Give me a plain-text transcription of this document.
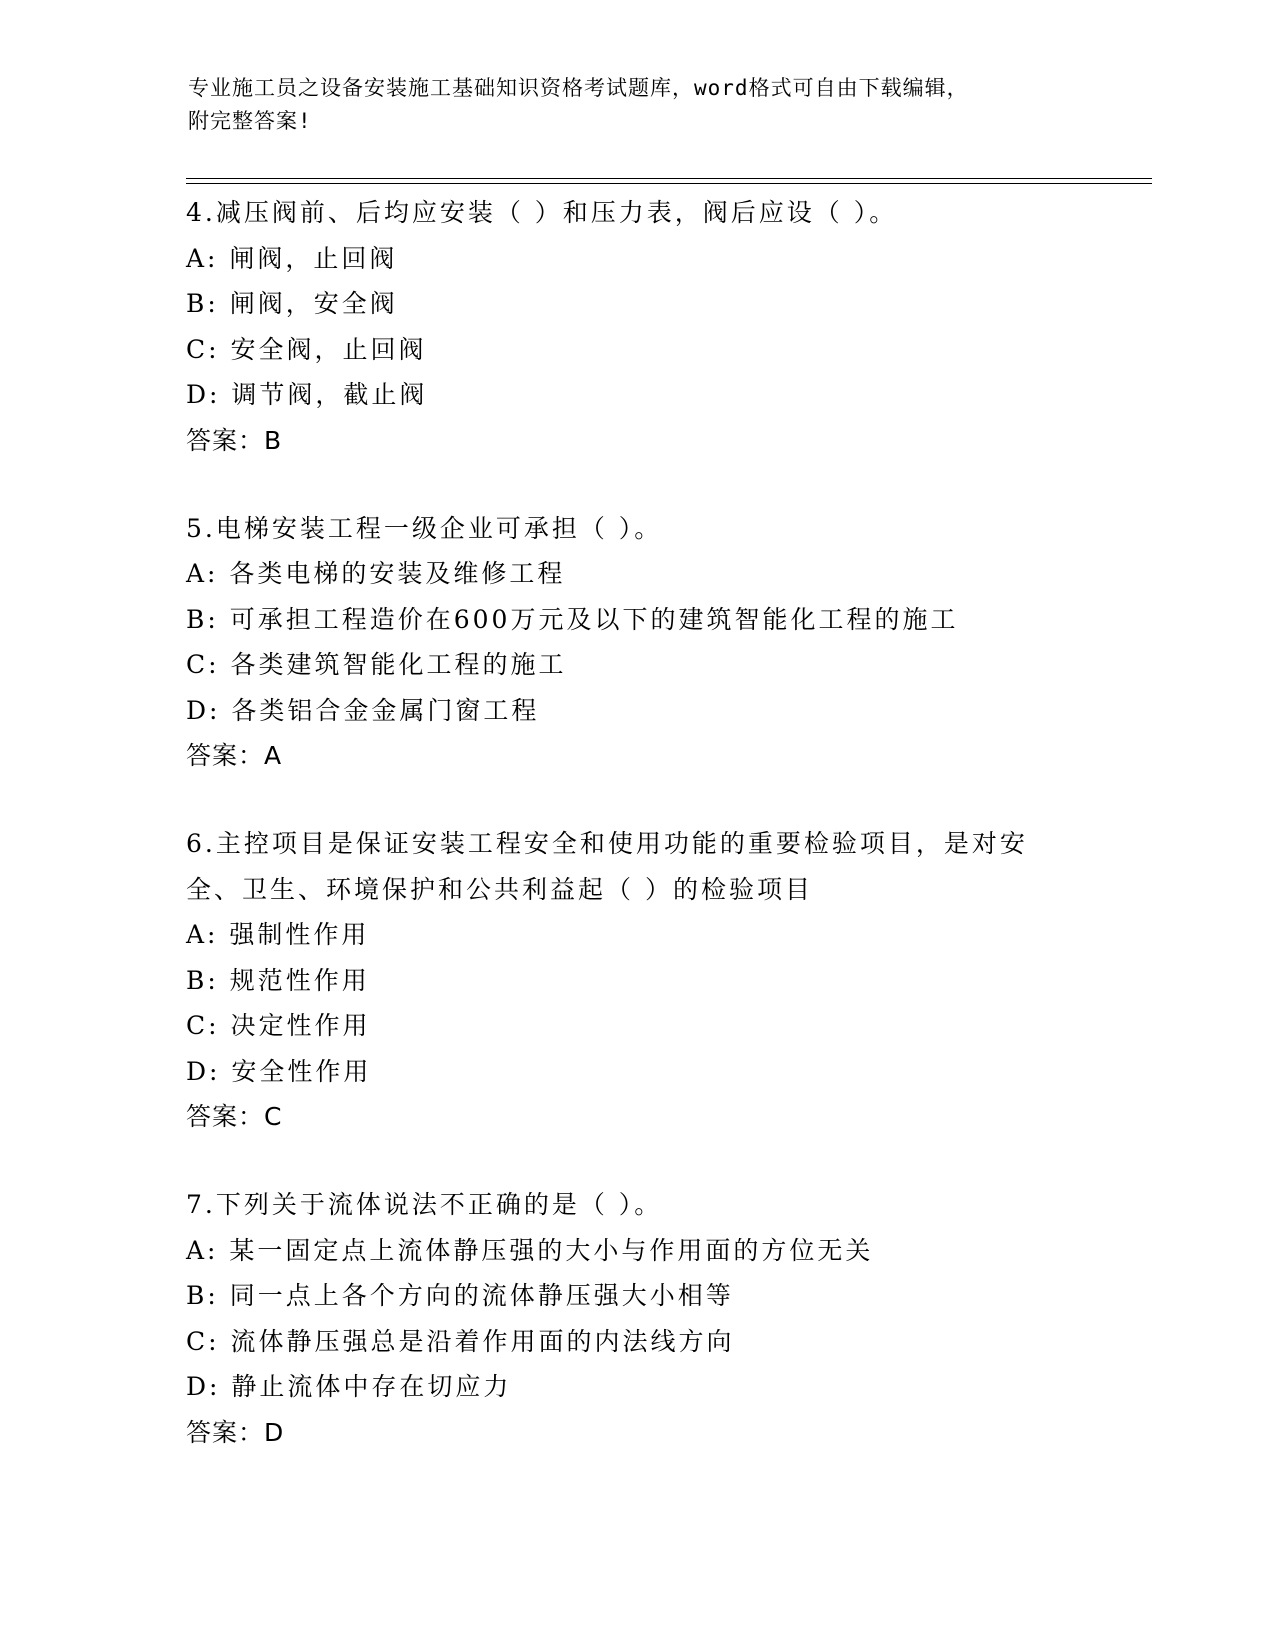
专业施工员之设备安装施工基础知识资格考试题库，word格式可自由下载编辑，
附完整答案!
4.减压阀前、后均应安装（ ）和压力表，阀后应设（ ）。
A: 闸阀，止回阀
B: 闸阀，安全阀
C: 安全阀，止回阀
D: 调节阀，截止阀
答案：B
5.电梯安装工程一级企业可承担（ ）。
A: 各类电梯的安装及维修工程
B: 可承担工程造价在600万元及以下的建筑智能化工程的施工
C: 各类建筑智能化工程的施工
D: 各类铝合金金属门窗工程
答案：A
6.主控项目是保证安装工程安全和使用功能的重要检验项目，是对安
全、卫生、环境保护和公共利益起（ ）的检验项目
A: 强制性作用
B: 规范性作用
C: 决定性作用
D: 安全性作用
答案：C
7.下列关于流体说法不正确的是（ ）。
A: 某一固定点上流体静压强的大小与作用面的方位无关
B: 同一点上各个方向的流体静压强大小相等
C: 流体静压强总是沿着作用面的内法线方向
D: 静止流体中存在切应力
答案：D
